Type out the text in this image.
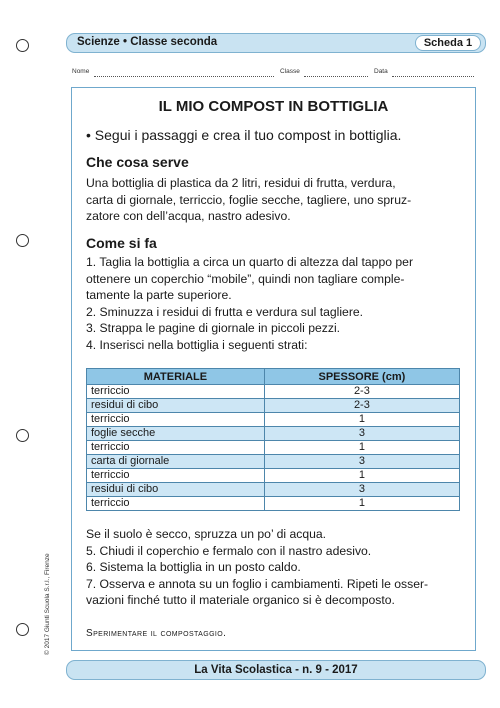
Scienze • Classe seconda	Scheda 1
Nome	Classe	Data
IL MIO COMPOST IN BOTTIGLIA
• Segui i passaggi e crea il tuo compost in bottiglia.
Che cosa serve
Una bottiglia di plastica da 2 litri, residui di frutta, verdura,
carta di giornale, terriccio, foglie secche, tagliere, uno spruz-
zatore con dell’acqua, nastro adesivo.
Come si fa
1. Taglia la bottiglia a circa un quarto di altezza dal tappo per
ottenere un coperchio “mobile”, quindi non tagliare comple-
tamente la parte superiore.
2. Sminuzza i residui di frutta e verdura sul tagliere.
3. Strappa le pagine di giornale in piccoli pezzi.
4. Inserisci nella bottiglia i seguenti strati:
MATERIALE	SPESSORE (cm)
terriccio	2-3
residui di cibo	2-3
terriccio	1
foglie secche	3
terriccio	1
carta di giornale	3
terriccio	1
residui di cibo	3
terriccio	1
Se il suolo è secco, spruzza un po’ di acqua.
5. Chiudi il coperchio e fermalo con il nastro adesivo.
6. Sistema la bottiglia in un posto caldo.
7. Osserva e annota su un foglio i cambiamenti. Ripeti le osser-
vazioni finché tutto il materiale organico si è decomposto.
Sperimentare il compostaggio.
© 2017 Giunti Scuola S.r.l., Firenze
La Vita Scolastica - n. 9 - 2017
